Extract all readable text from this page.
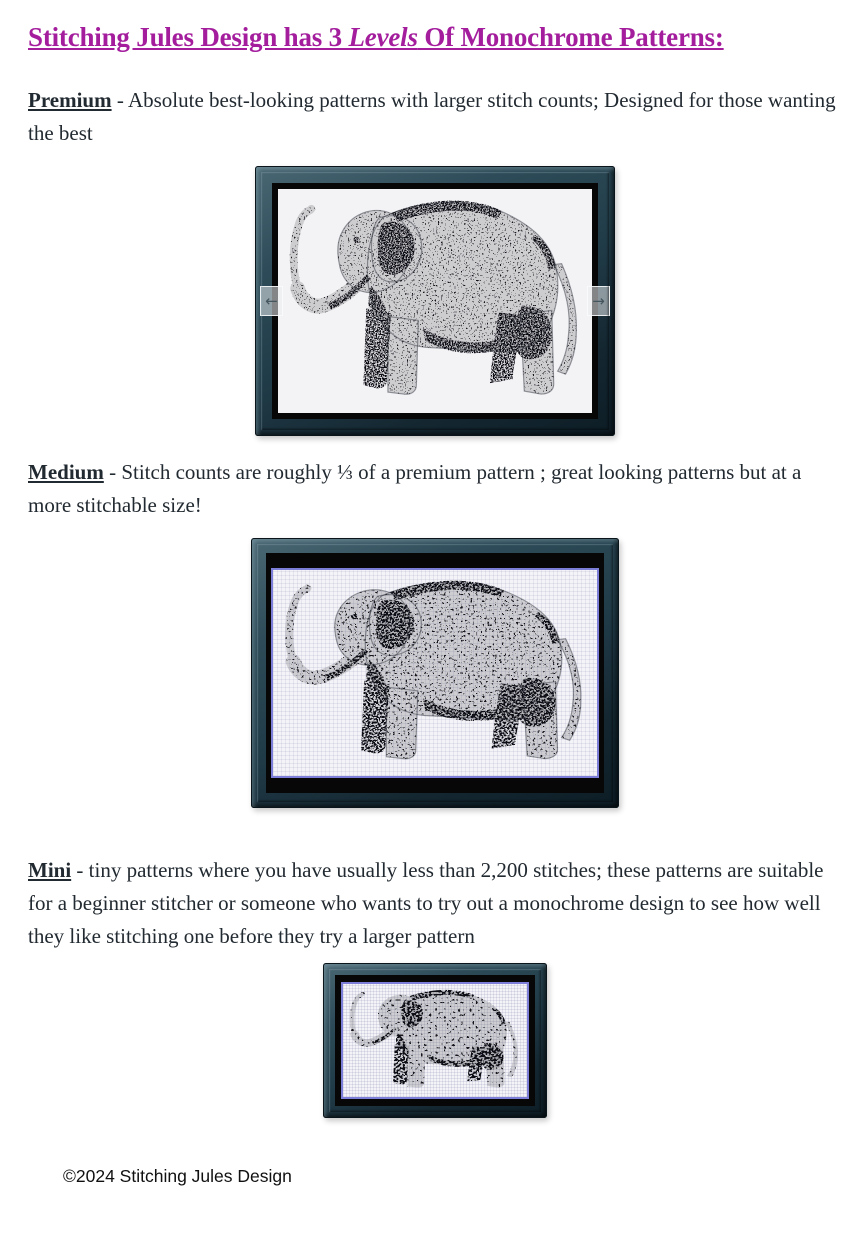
Stitching Jules Design has 3 Levels Of Monochrome Patterns:

Premium - Absolute best-looking patterns with larger stitch counts; Designed for those wanting the best

←	→

Medium - Stitch counts are roughly ⅓ of a premium pattern ; great looking patterns but at a more stitchable size!

Mini - tiny patterns where you have usually less than 2,200 stitches; these patterns are suitable for a beginner stitcher or someone who wants to try out a monochrome design to see how well they like stitching one before they try a larger pattern

©2024 Stitching Jules Design
